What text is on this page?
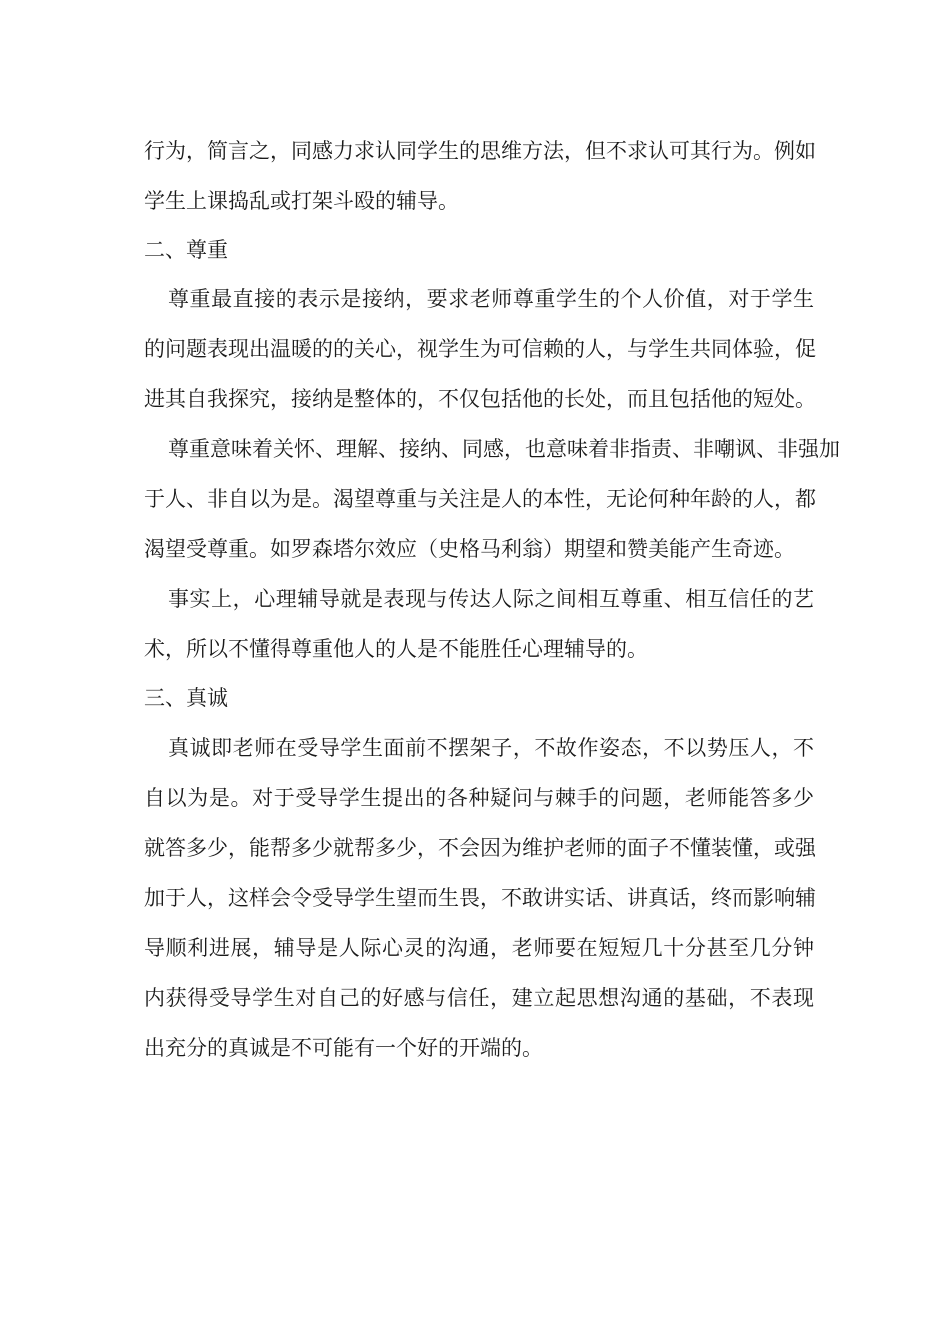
行为，简言之，同感力求认同学生的思维方法，但不求认可其行为。例如
学生上课捣乱或打架斗殴的辅导。
二、尊重
尊重最直接的表示是接纳，要求老师尊重学生的个人价值，对于学生
的问题表现出温暖的的关心，视学生为可信赖的人，与学生共同体验，促
进其自我探究，接纳是整体的，不仅包括他的长处，而且包括他的短处。
尊重意味着关怀、理解、接纳、同感，也意味着非指责、非嘲讽、非强加
于人、非自以为是。渴望尊重与关注是人的本性，无论何种年龄的人，都
渴望受尊重。如罗森塔尔效应（史格马利翁）期望和赞美能产生奇迹。
事实上，心理辅导就是表现与传达人际之间相互尊重、相互信任的艺
术，所以不懂得尊重他人的人是不能胜任心理辅导的。
三、真诚
真诚即老师在受导学生面前不摆架子，不故作姿态，不以势压人，不
自以为是。对于受导学生提出的各种疑问与棘手的问题，老师能答多少
就答多少，能帮多少就帮多少，不会因为维护老师的面子不懂装懂，或强
加于人，这样会令受导学生望而生畏，不敢讲实话、讲真话，终而影响辅
导顺利进展，辅导是人际心灵的沟通，老师要在短短几十分甚至几分钟
内获得受导学生对自己的好感与信任，建立起思想沟通的基础，不表现
出充分的真诚是不可能有一个好的开端的。
